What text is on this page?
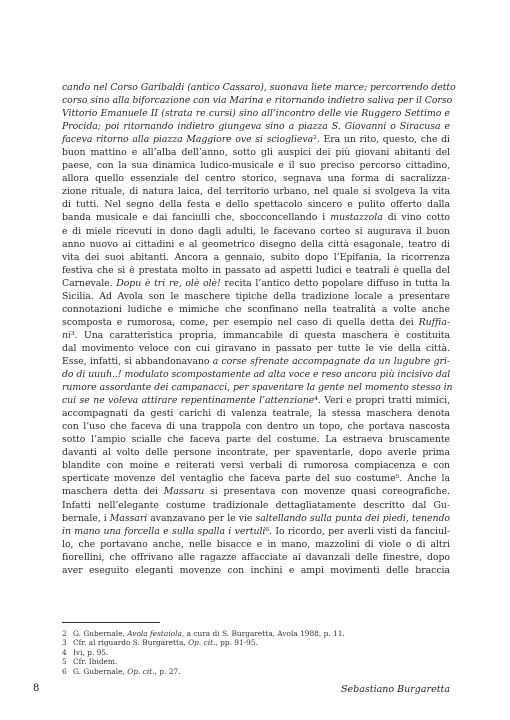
cando nel Corso Garibaldi (antico Cassaro), suonava liete marce; percorrendo detto
corso sino alla biforcazione con via Marina e ritornando indietro saliva per il Corso
Vittorio Emanuele II (strata re cursi) sino all’incontro delle vie Ruggero Settimo e
Procida; poi ritornando indietro giungeva sino a piazza S. Giovanni o Siracusa e
faceva ritorno alla piazza Maggiore ove si scioglieva². Era un rito, questo, che di
buon mattino e all’alba dell’anno, sotto gli auspici dei più giovani abitanti del
paese, con la sua dinamica ludico-musicale e il suo preciso percorso cittadino,
allora quello essenziale del centro storico, segnava una forma di sacralizza-
zione rituale, di natura laica, del territorio urbano, nel quale si svolgeva la vita
di tutti. Nel segno della festa e dello spettacolo sincero e pulito offerto dalla
banda musicale e dai fanciulli che, sbocconcellando i mustazzola di vino cotto
e di miele ricevuti in dono dagli adulti, le facevano corteo si augurava il buon
anno nuovo ai cittadini e al geometrico disegno della città esagonale, teatro di
vita dei suoi abitanti. Ancora a gennaio, subito dopo l’Epifania, la ricorrenza
festiva che si è prestata molto in passato ad aspetti ludici e teatrali è quella del
Carnevale. Dopu è tri re, olè olè! recita l’antico detto popolare diffuso in tutta la
Sicilia. Ad Avola son le maschere tipiche della tradizione locale a presentare
connotazioni ludiche e mimiche che sconfinano nella teatralità a volte anche
scomposta e rumorosa, come, per esempio nel caso di quella detta dei Ruffia-
ni³. Una caratteristica propria, immancabile di questa maschera è costituita
dal movimento veloce con cui giravano in passato per tutte le vie della città.
Esse, infatti, si abbandonavano a corse sfrenate accompagnate da un lugubre gri-
do di uuuh..! modulato scompostamente ad alta voce e reso ancora più incisivo dal
rumore assordante dei campanacci, per spaventare la gente nel momento stesso in
cui se ne voleva attirare repentinamente l’attenzione⁴. Veri e propri tratti mimici,
accompagnati da gesti carichi di valenza teatrale, la stessa maschera denota
con l’uso che faceva di una trappola con dentro un topo, che portava nascosta
sotto l’ampio scialle che faceva parte del costume. La estraeva bruscamente
davanti al volto delle persone incontrate, per spaventarle, dopo averle prima
blandite con moine e reiterati versi verbali di rumorosa compiacenza e con
sperticate movenze del ventaglio che faceva parte del suo costume⁵. Anche la
maschera detta dei Massaru si presentava con movenze quasi coreografiche.
Infatti nell’elegante costume tradizionale dettagliatamente descritto dal Gu-
bernale, i Massari avanzavano per le vie saltellando sulla punta dei piedi, tenendo
in mano una forcella e sulla spalla i vertuli⁶. Io ricordo, per averli visti da fanciul-
lo, che portavano anche, nelle bisacce e in mano, mazzolini di viole o di altri
fiorellini, che offrivano alle ragazze affacciate ai davanzali delle finestre, dopo
aver eseguito eleganti movenze con inchini e ampi movimenti delle braccia
2 G. Gubernale, Avola festaiola, a cura di S. Burgaretta, Avola 1988, p. 11.
3 Cfr. al riguardo S. Burgaretta, Op. cit., pp. 91-95.
4 Ivi, p. 95.
5 Cfr. Ibidem.
6 G. Gubernale, Op. cit., p. 27.
8	Sebastiano Burgaretta
